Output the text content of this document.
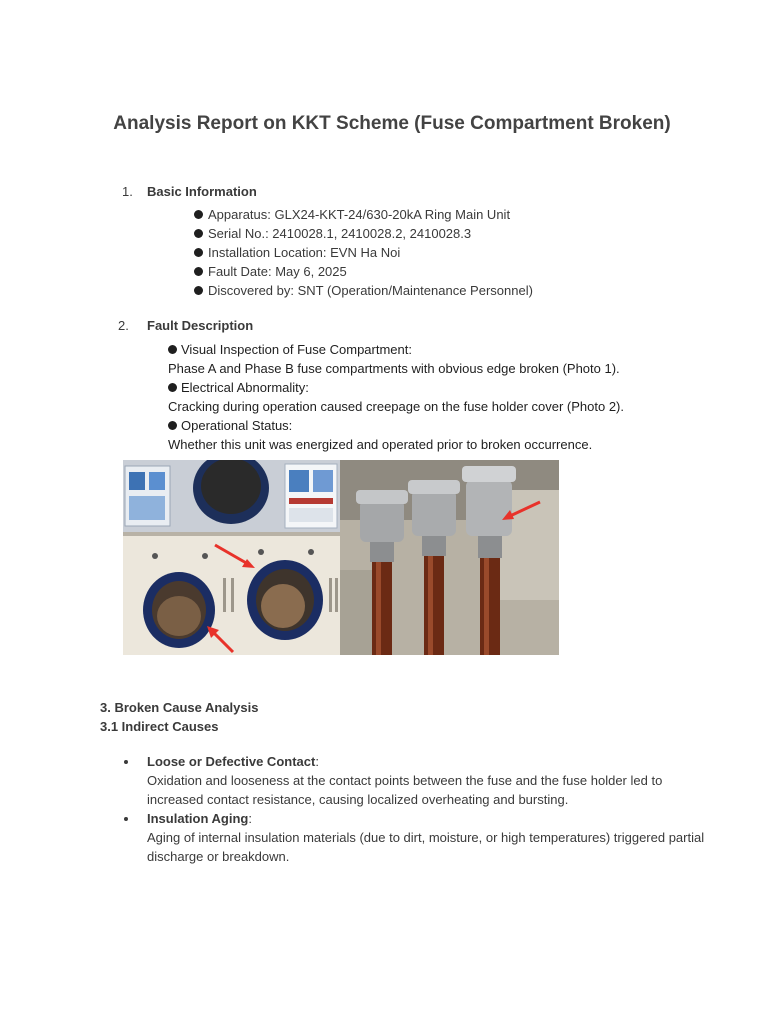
Analysis Report on KKT Scheme (Fuse Compartment Broken)
1. Basic Information
Apparatus: GLX24-KKT-24/630-20kA Ring Main Unit
Serial No.: 2410028.1, 2410028.2, 2410028.3
Installation Location: EVN Ha Noi
Fault Date: May 6, 2025
Discovered by: SNT (Operation/Maintenance Personnel)
2. Fault Description
Visual Inspection of Fuse Compartment:
Phase A and Phase B fuse compartments with obvious edge broken (Photo 1).
Electrical Abnormality:
Cracking during operation caused creepage on the fuse holder cover (Photo 2).
Operational Status:
Whether this unit was energized and operated prior to broken occurrence.
3. Broken Cause Analysis
3.1 Indirect Causes
Loose or Defective Contact:
Oxidation and looseness at the contact points between the fuse and the fuse holder led to increased contact resistance, causing localized overheating and bursting.
Insulation Aging:
Aging of internal insulation materials (due to dirt, moisture, or high temperatures) triggered partial discharge or breakdown.
